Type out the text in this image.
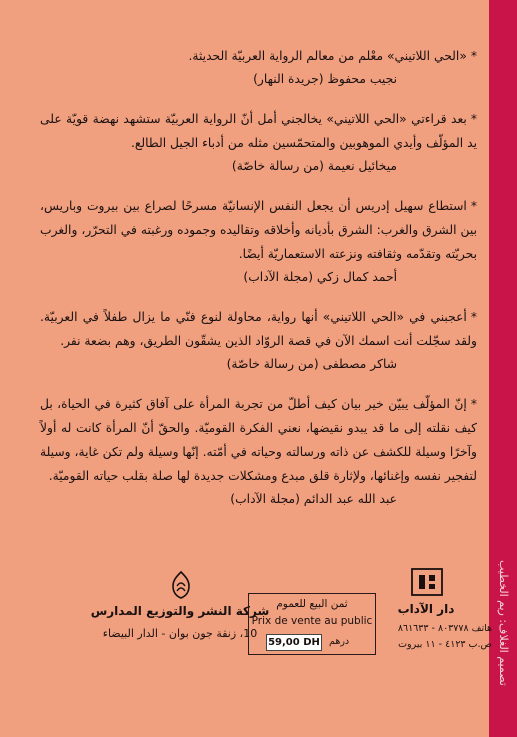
تصميم الغلاف: ريم الخطيب

*«الحي اللاتيني» معْلم من معالم الرواية العربيّة الحديثة.

نجيب محفوظ (جريدة النهار)

*بعد قراءتي «الحي اللاتيني» يخالجني أمل أنّ الرواية العربيّة ستشهد نهضة قويّة على يد المؤلّف وأيدي الموهوبين والمتحمّسين مثله من أدباء الجيل الطالع.

ميخائيل نعيمة (من رسالة خاصّة)

*استطاع سهيل إدريس أن يجعل النفس الإنسانيّة مسرحًا لصراع بين بيروت وباريس، بين الشرق والغرب: الشرق بأديانه وأخلاقه وتقاليده وجموده ورغبته في التحرّر، والغرب بحريّته وتقدّمه وثقافته ونزعته الاستعماريّة أيضًا.

أحمد كمال زكي (مجلة الآداب)

*أعجبني في «الحي اللاتيني» أنها رواية، محاولة لنوع فنّي ما يزال طفلاً في العربيّة. ولقد سجّلت أنت اسمك الآن في قصة الروّاد الذين يشقّون الطريق، وهم بضعة نفر.

شاكر مصطفى (من رسالة خاصّة)

*إنّ المؤلّف يبيّن خير بيان كيف أطلّ من تجربة المرأة على آفاق كثيرة في الحياة، بل كيف نقلته إلى ما قد يبدو نقيضها، نعني الفكرة القوميّة. والحقّ أنّ المرأة كانت له أولاً وآخرًا وسيلة للكشف عن ذاته ورسالته وحياته في أمّته. إنّها وسيلة ولم تكن غاية، وسيلة لتفجير نفسه وإغنائها، ولإثارة قلق مبدع ومشكلات جديدة لها صلة بقلب حياته القوميّة.

عبد الله عبد الدائم (مجلة الآداب)
شركة النشر والتوزيع المدارس
10، زنقة جون بوان - الدار البيضاء
ثمن البيع للعموم
Prix de vente au public
59,00 DH درهم
دار الآداب
هاتف ٨٠٣٧٧٨ - ٨٦١٦٣٣
ص.ب ٤١٢٣ - ١١ بيروت
